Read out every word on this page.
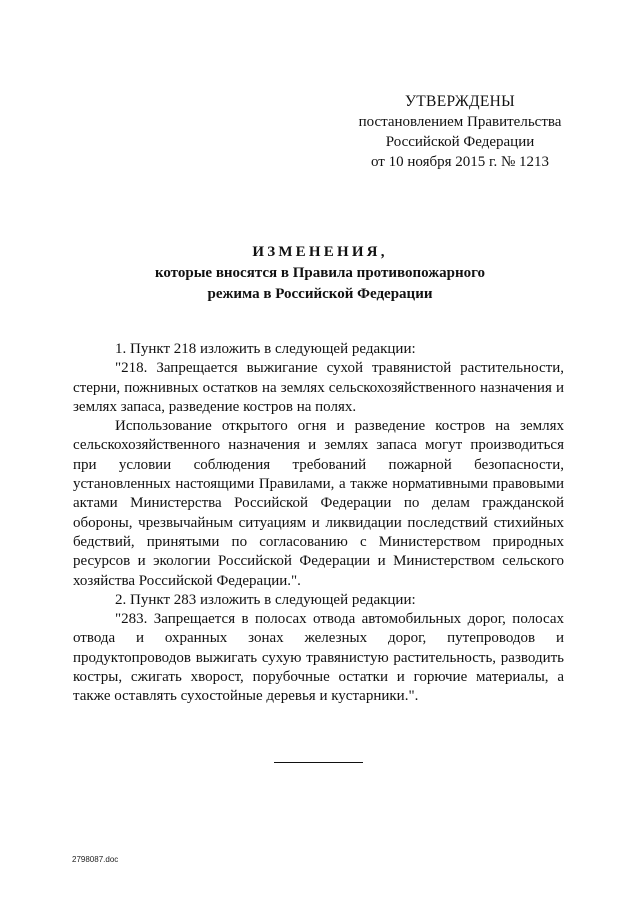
УТВЕРЖДЕНЫ
постановлением Правительства
Российской Федерации
от 10 ноября 2015 г. № 1213
ИЗМЕНЕНИЯ,
которые вносятся в Правила противопожарного
режима в Российской Федерации

1. Пункт 218 изложить в следующей редакции:

"218. Запрещается выжигание сухой травянистой растительности, стерни, пожнивных остатков на землях сельскохозяйственного назначения и землях запаса, разведение костров на полях.

Использование открытого огня и разведение костров на землях сельскохозяйственного назначения и землях запаса могут производиться при условии соблюдения требований пожарной безопасности, установленных настоящими Правилами, а также нормативными правовыми актами Министерства Российской Федерации по делам гражданской обороны, чрезвычайным ситуациям и ликвидации последствий стихийных бедствий, принятыми по согласованию с Министерством природных ресурсов и экологии Российской Федерации и Министерством сельского хозяйства Российской Федерации.".

2. Пункт 283 изложить в следующей редакции:

"283. Запрещается в полосах отвода автомобильных дорог, полосах отвода и охранных зонах железных дорог, путепроводов и продуктопроводов выжигать сухую травянистую растительность, разводить костры, сжигать хворост, порубочные остатки и горючие материалы, а также оставлять сухостойные деревья и кустарники.".

2798087.doc
